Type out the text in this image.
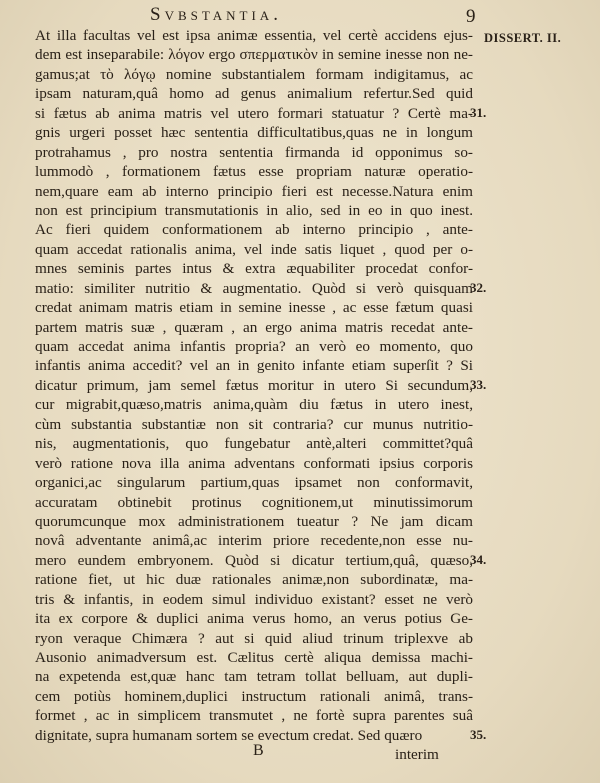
Svbstantia.	9
DISSERT. II.
At illa facultas vel est ipsa animæ essentia, vel certè accidens ejus-
dem est inseparabile: λόγον ergo σπερματικὸν in semine inesse non ne-
gamus;at τὸ λόγῳ nomine substantialem formam indigitamus, ac
ipsam naturam,quâ homo ad genus animalium refertur.Sed quid
si fætus ab anima matris vel utero formari statuatur ? Certè ma-
gnis urgeri posset hæc sententia difficultatibus,quas ne in longum
protrahamus , pro nostra sententia firmanda id opponimus so-
lummodò , formationem fætus esse propriam naturæ operatio-
nem,quare eam ab interno principio fieri est necesse.Natura enim
non est principium transmutationis in alio, sed in eo in quo inest.
Ac fieri quidem conformationem ab interno principio , ante-
quam accedat rationalis anima, vel inde satis liquet , quod per o-
mnes seminis partes intus & extra æquabiliter procedat confor-
matio: similiter nutritio & augmentatio. Quòd si verò quisquam
credat animam matris etiam in semine inesse , ac esse fætum quasi
partem matris suæ , quæram , an ergo anima matris recedat ante-
quam accedat anima infantis propria? an verò eo momento, quo
infantis anima accedit? vel an in genito infante etiam superſit ? Si
dicatur primum, jam semel fætus moritur in utero Si secundum,
cur migrabit,quæso,matris anima,quàm diu fætus in utero inest,
cùm substantia substantiæ non sit contraria? cur munus nutritio-
nis, augmentationis, quo fungebatur antè,alteri committet?quâ
verò ratione nova illa anima adventans conformati ipsius corporis
organici,ac singularum partium,quas ipsamet non conformavit,
accuratam obtinebit protinus cognitionem,ut minutissimorum
quorumcunque mox administrationem tueatur ? Ne jam dicam
novâ adventante animâ,ac interim priore recedente,non esse nu-
mero eundem embryonem. Quòd si dicatur tertium,quâ, quæso,
ratione fiet, ut hic duæ rationales animæ,non subordinatæ, ma-
tris & infantis, in eodem simul individuo existant? esset ne verò
ita ex corpore & duplici anima verus homo, an verus potius Ge-
ryon veraque Chimæra ? aut si quid aliud trinum triplexve ab
Ausonio animadversum est. Cælitus certè aliqua demissa machi-
na expetenda est,quæ hanc tam tetram tollat belluam, aut dupli-
cem potiùs hominem,duplici instructum rationali animâ, trans-
formet , ac in simplicem transmutet , ne fortè supra parentes suâ
dignitate, supra humanam sortem se evectum credat. Sed quæro
31.
32.
33.
34.
35.
B	interim
